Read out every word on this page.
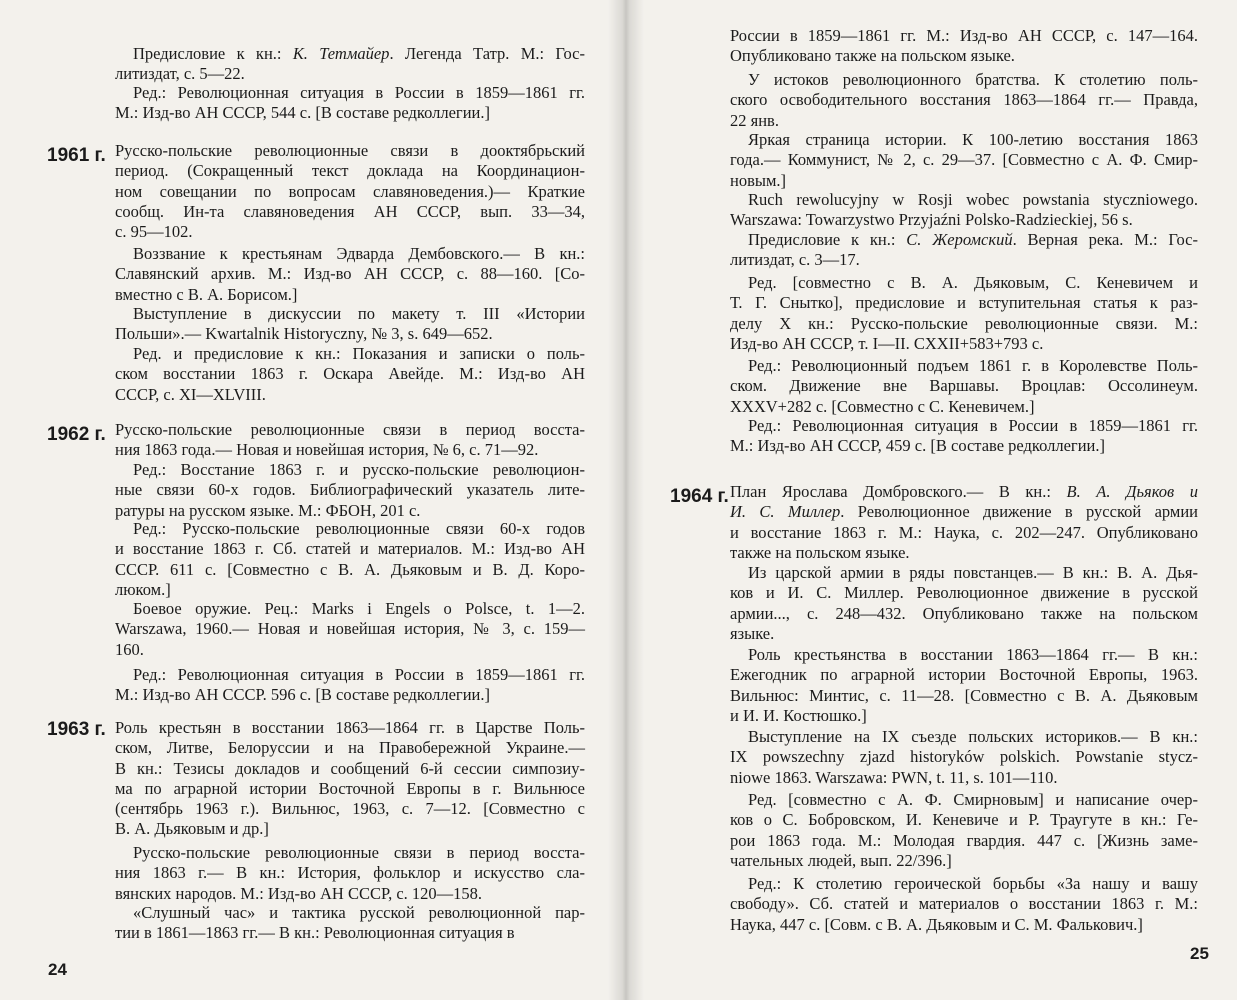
1961 г.
1962 г.
1963 г.
24
Предисловие к кн.: К. Тетмайер. Легенда Татр. М.: Гос-
литиздат, с. 5—22.
Ред.: Революционная ситуация в России в 1859—1861 гг.
М.: Изд-во АН СССР, 544 с. [В составе редколлегии.]
Русско-польские революционные связи в доoктябрьский
период. (Сокращенный текст доклада на Координацион-
ном совещании по вопросам славяноведения.)— Краткие
сообщ. Ин-та славяноведения АН СССР, вып. 33—34,
с. 95—102.
Воззвание к крестьянам Эдварда Дембовского.— В кн.:
Славянский архив. М.: Изд-во АН СССР, с. 88—160. [Со-
вместно с В. А. Борисом.]
Выступление в дискуссии по макету т. III «Истории
Польши».— Kwartalnik Historyczny, № 3, s. 649—652.
Ред. и предисловие к кн.: Показания и записки о поль-
ском восстании 1863 г. Оскара Авейде. М.: Изд-во АН
СССР, с. XI—XLVIII.
Русско-польские революционные связи в период восста-
ния 1863 года.— Новая и новейшая история, № 6, с. 71—92.
Ред.: Восстание 1863 г. и русско-польские революцион-
ные связи 60-х годов. Библиографический указатель лите-
ратуры на русском языке. М.: ФБОН, 201 с.
Ред.: Русско-польские революционные связи 60-х годов
и восстание 1863 г. Сб. статей и материалов. М.: Изд-во АН
СССР. 611 с. [Совместно с В. А. Дьяковым и В. Д. Коро-
люком.]
Боевое оружие. Рец.: Marks i Engels o Polsce, t. 1—2.
Warszawa, 1960.— Новая и новейшая история, № 3, с. 159—
160.
Ред.: Революционная ситуация в России в 1859—1861 гг.
М.: Изд-во АН СССР. 596 с. [В составе редколлегии.]
Роль крестьян в восстании 1863—1864 гг. в Царстве Поль-
ском, Литве, Белоруссии и на Правобережной Украине.—
В кн.: Тезисы докладов и сообщений 6-й сессии симпозиу-
ма по аграрной истории Восточной Европы в г. Вильнюсе
(сентябрь 1963 г.). Вильнюс, 1963, с. 7—12. [Совместно с
В. А. Дьяковым и др.]
Русско-польские революционные связи в период восста-
ния 1863 г.— В кн.: История, фольклор и искусство сла-
вянских народов. М.: Изд-во АН СССР, с. 120—158.
«Слушный час» и тактика русской революционной пар-
тии в 1861—1863 гг.— В кн.: Революционная ситуация в
1964 г.
25
России в 1859—1861 гг. М.: Изд-во АН СССР, с. 147—164.
Опубликовано также на польском языке.
У истоков революционного братства. К столетию поль-
ского освободительного восстания 1863—1864 гг.— Правда,
22 янв.
Яркая страница истории. К 100-летию восстания 1863
года.— Коммунист, № 2, с. 29—37. [Совместно с А. Ф. Смир-
новым.]
Ruch rewolucyjny w Rosji wobec powstania styczniowego.
Warszawa: Towarzystwo Przyjaźni Polsko-Radzieckiej, 56 s.
Предисловие к кн.: С. Жеромский. Верная река. М.: Гос-
литиздат, с. 3—17.
Ред. [совместно с В. А. Дьяковым, С. Кеневичем и
Т. Г. Снытко], предисловие и вступительная статья к раз-
делу X кн.: Русско-польские революционные связи. М.:
Изд-во АН СССР, т. I—II. CXXII+583+793 с.
Ред.: Революционный подъем 1861 г. в Королевстве Поль-
ском. Движение вне Варшавы. Вроцлав: Оссолинеум.
XXXV+282 с. [Совместно с С. Кеневичем.]
Ред.: Революционная ситуация в России в 1859—1861 гг.
М.: Изд-во АН СССР, 459 с. [В составе редколлегии.]
План Ярослава Домбровского.— В кн.: В. А. Дьяков и
И. С. Миллер. Революционное движение в русской армии
и восстание 1863 г. М.: Наука, с. 202—247. Опубликовано
также на польском языке.
Из царской армии в ряды повстанцев.— В кн.: В. А. Дья-
ков и И. С. Миллер. Революционное движение в русской
армии..., с. 248—432. Опубликовано также на польском
языке.
Роль крестьянства в восстании 1863—1864 гг.— В кн.:
Ежегодник по аграрной истории Восточной Европы, 1963.
Вильнюс: Минтис, с. 11—28. [Совместно с В. А. Дьяковым
и И. И. Костюшко.]
Выступление на IX съезде польских историков.— В кн.:
IX powszechny zjazd historyków polskich. Powstanie stycz-
niowe 1863. Warszawa: PWN, t. 11, s. 101—110.
Ред. [совместно с А. Ф. Смирновым] и написание очер-
ков о С. Бобровском, И. Кеневиче и Р. Траугуте в кн.: Ге-
рои 1863 года. М.: Молодая гвардия. 447 с. [Жизнь заме-
чательных людей, вып. 22/396.]
Ред.: К столетию героической борьбы «За нашу и вашу
свободу». Сб. статей и материалов о восстании 1863 г. М.:
Наука, 447 с. [Совм. с В. А. Дьяковым и С. М. Фалькович.]
